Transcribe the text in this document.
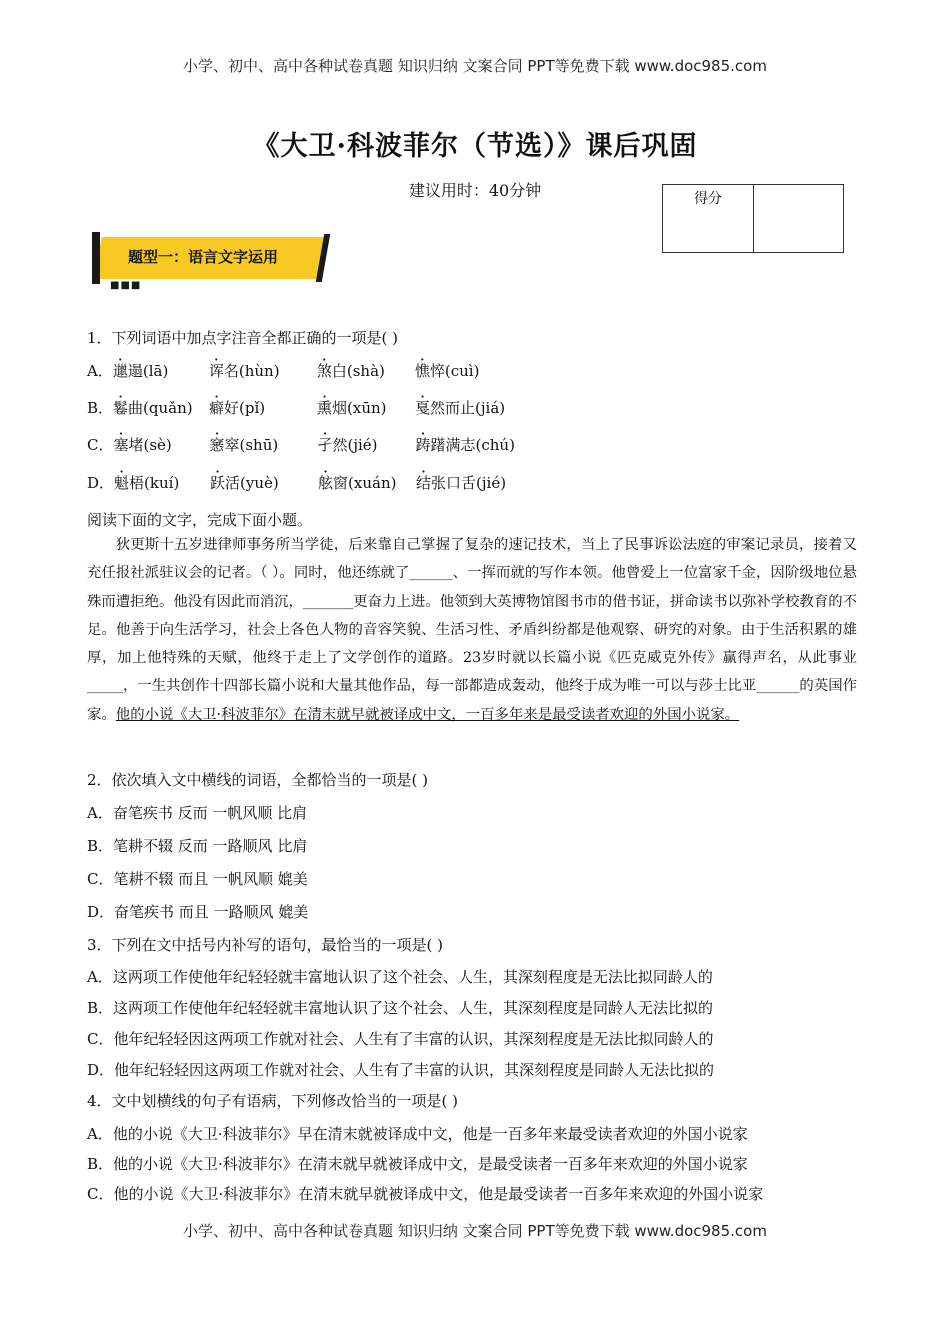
小学、初中、高中各种试卷真题 知识归纳 文案合同 PPT等免费下载 www.doc985.com
《大卫·科波菲尔（节选）》课后巩固
建议用时：40分钟	得分
■■■
题型一：语言文字运用
1．下列词语中加点字注音全都正确的一项是( )
A．邋遢(lā)	诨名(hùn) 煞白(shà) 憔悴(cuì)
B．鬈曲(quǎn) 癖好(pǐ)	熏烟(xūn) 戛然而止(jiá)
C．塞堵(sè)	窸窣(shū)	孑然(jié)	踌躇满志(chú)
D．魁梧(kuí) 跃活(yuè)	舷窗(xuán) 结张口舌(jié)
阅读下面的文字，完成下面小题。
狄更斯十五岁进律师事务所当学徒，后来靠自己掌握了复杂的速记技术，当上了民事诉讼法庭的审案记录员，接着又充任报社派驻议会的记者。（ ）。同时，他还练就了______、一挥而就的写作本领。他曾爱上一位富家千金，因阶级地位悬殊而遭拒绝。他没有因此而消沉，_______更奋力上进。他领到大英博物馆图书市的借书证，拼命读书以弥补学校教育的不足。他善于向生活学习，社会上各色人物的音容笑貌、生活习性、矛盾纠纷都是他观察、研究的对象。由于生活积累的雄厚，加上他特殊的天赋，他终于走上了文学创作的道路。23岁时就以长篇小说《匹克威克外传》赢得声名，从此事业_____，一生共创作十四部长篇小说和大量其他作品，每一部都造成轰动，他终于成为唯一可以与莎士比亚______的英国作家。他的小说《大卫·科波菲尔》在清末就早就被译成中文，一百多年来是最受读者欢迎的外国小说家。
2．依次填入文中横线的词语，全都恰当的一项是( )
A．奋笔疾书 反而 一帆风顺 比肩
B．笔耕不辍 反而 一路顺风 比肩
C．笔耕不辍 而且 一帆风顺 媲美
D．奋笔疾书 而且 一路顺风 媲美
3．下列在文中括号内补写的语句，最恰当的一项是( )
A．这两项工作使他年纪轻轻就丰富地认识了这个社会、人生，其深刻程度是无法比拟同龄人的
B．这两项工作使他年纪轻轻就丰富地认识了这个社会、人生，其深刻程度是同龄人无法比拟的
C．他年纪轻轻因这两项工作就对社会、人生有了丰富的认识，其深刻程度是无法比拟同龄人的
D．他年纪轻轻因这两项工作就对社会、人生有了丰富的认识，其深刻程度是同龄人无法比拟的
4．文中划横线的句子有语病，下列修改恰当的一项是( )
A．他的小说《大卫·科波菲尔》早在清末就被译成中文，他是一百多年来最受读者欢迎的外国小说家
B．他的小说《大卫·科波菲尔》在清末就早就被译成中文，是最受读者一百多年来欢迎的外国小说家
C．他的小说《大卫·科波菲尔》在清末就早就被译成中文，他是最受读者一百多年来欢迎的外国小说家
小学、初中、高中各种试卷真题 知识归纳 文案合同 PPT等免费下载 www.doc985.com
